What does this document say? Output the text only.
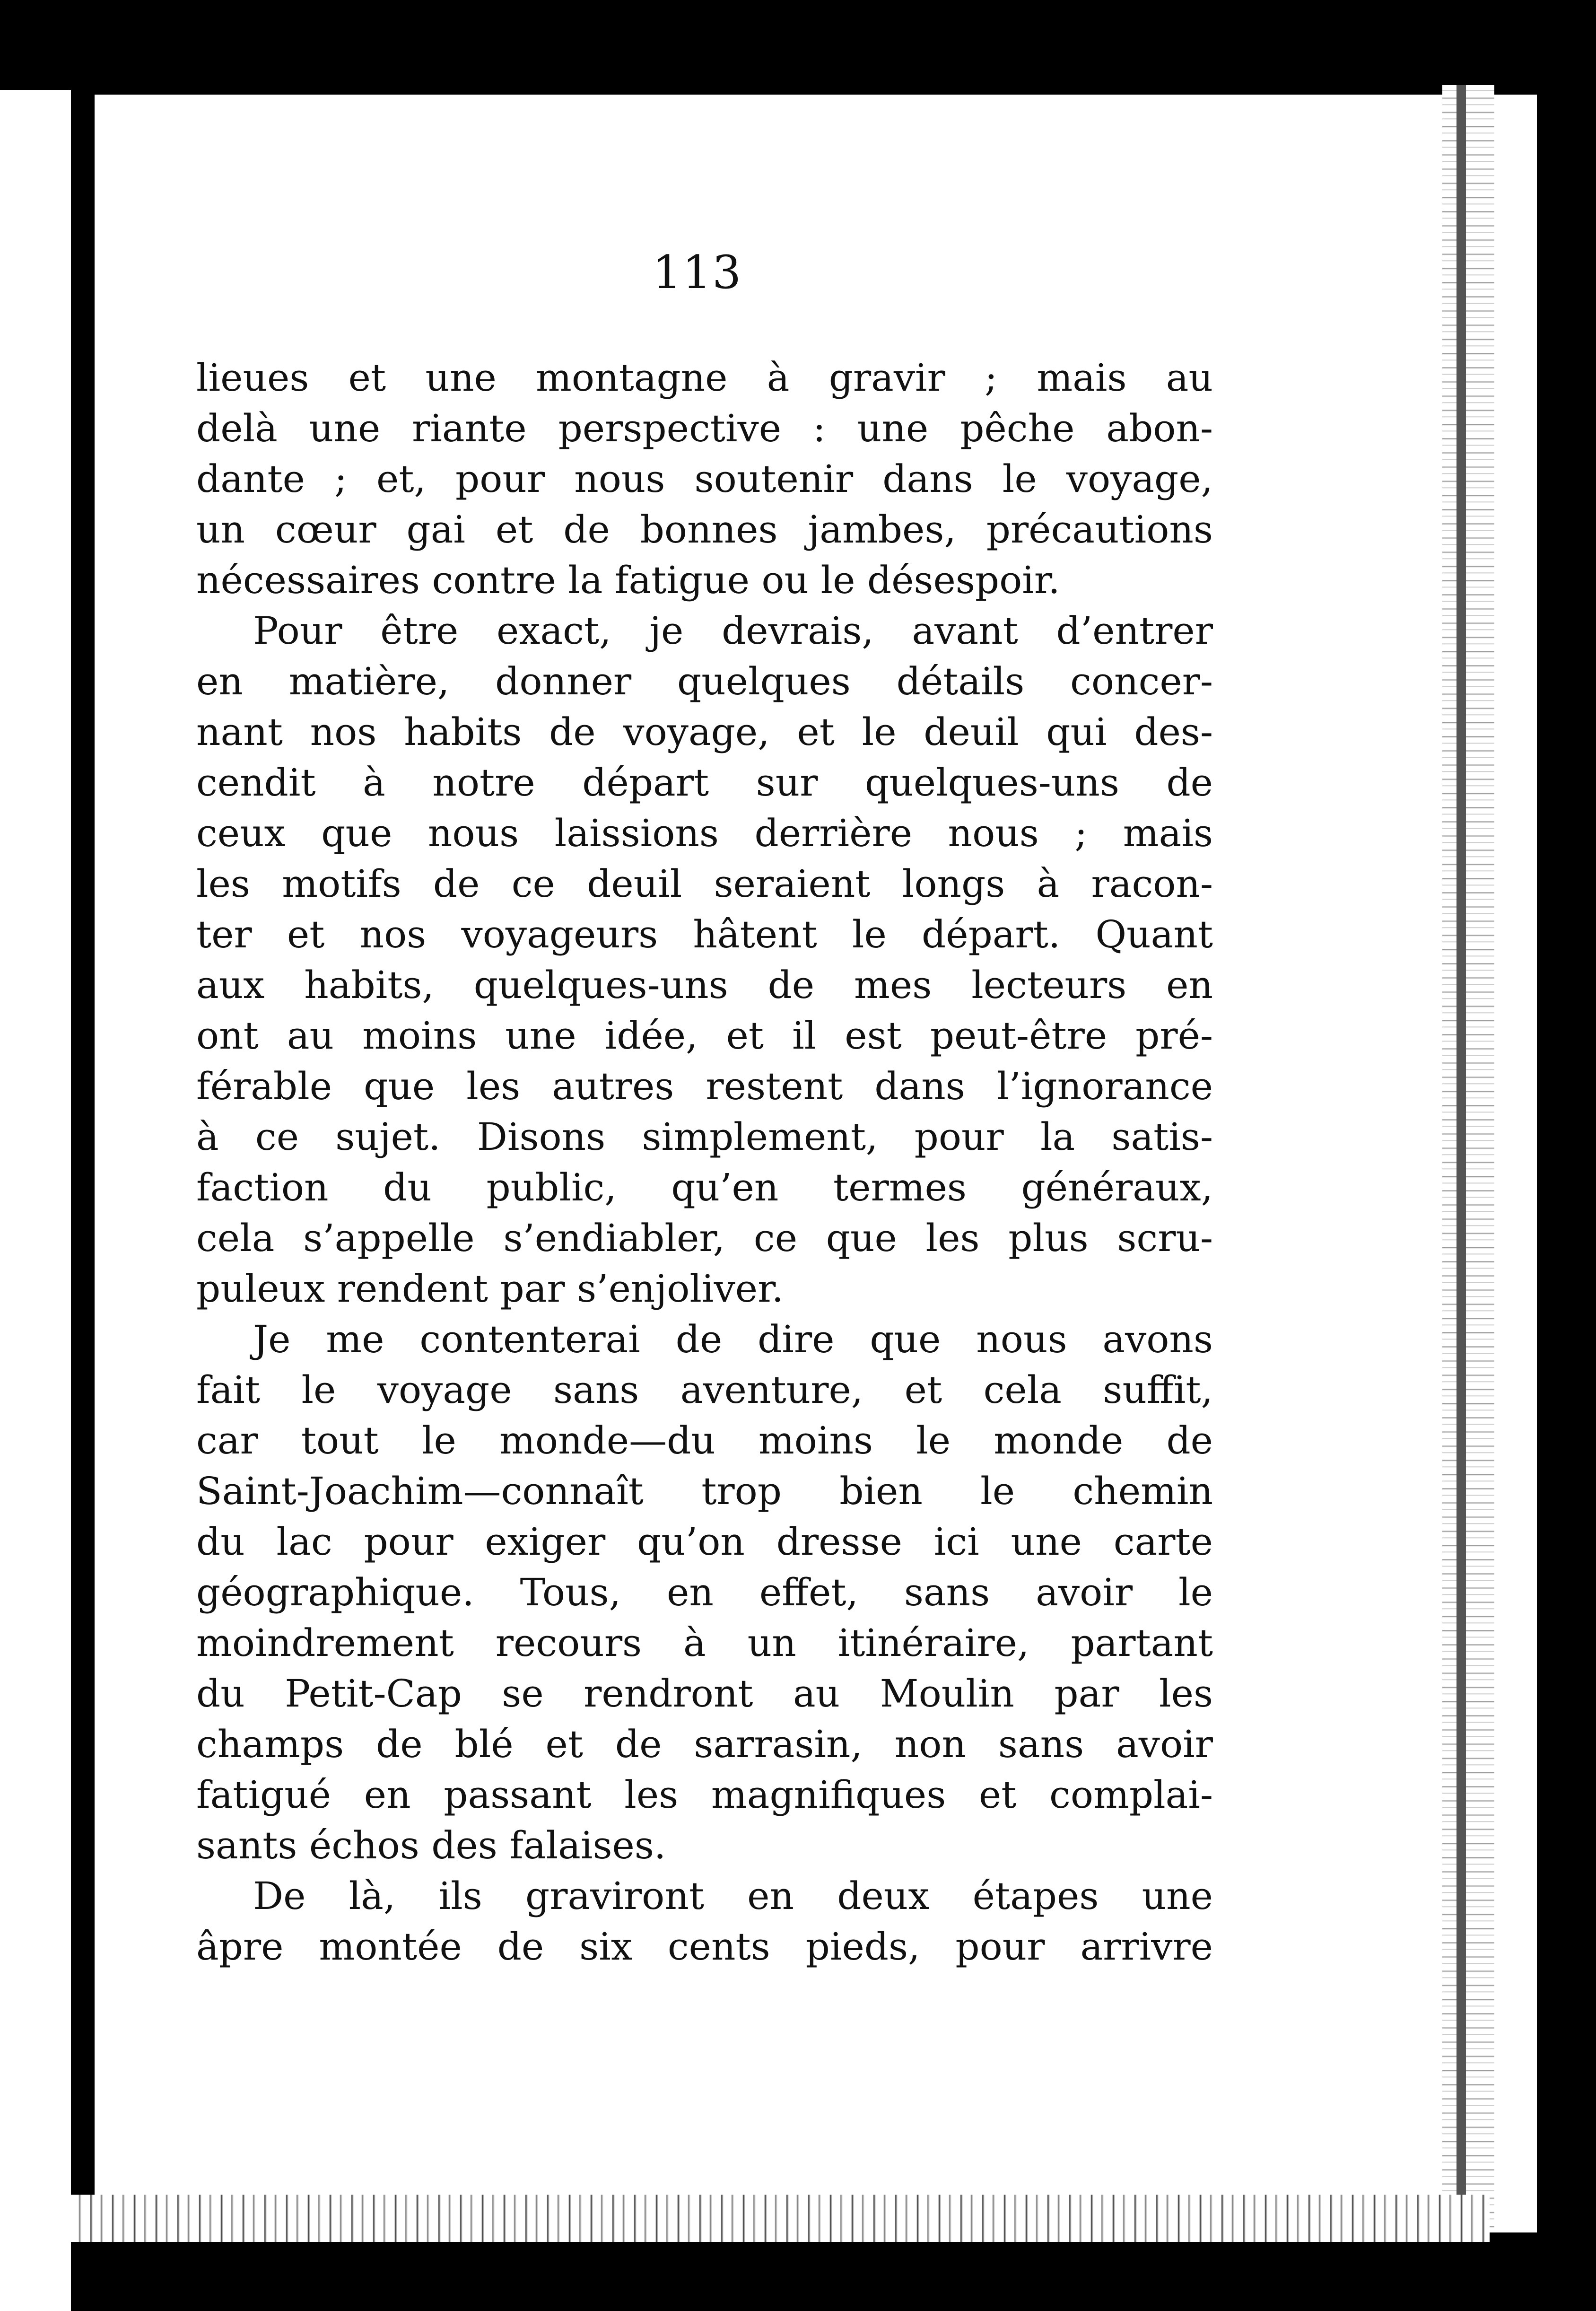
113
lieues et une montagne à gravir ; mais au
delà une riante perspective : une pêche abon-
dante ; et, pour nous soutenir dans le voyage,
un cœur gai et de bonnes jambes, précautions
nécessaires contre la fatigue ou le désespoir.
Pour être exact, je devrais, avant d’entrer
en matière, donner quelques détails concer-
nant nos habits de voyage, et le deuil qui des-
cendit à notre départ sur quelques-uns de
ceux que nous laissions derrière nous ; mais
les motifs de ce deuil seraient longs à racon-
ter et nos voyageurs hâtent le départ. Quant
aux habits, quelques-uns de mes lecteurs en
ont au moins une idée, et il est peut-être pré-
férable que les autres restent dans l’ignorance
à ce sujet. Disons simplement, pour la satis-
faction du public, qu’en termes généraux,
cela s’appelle s’endiabler, ce que les plus scru-
puleux rendent par s’enjoliver.
Je me contenterai de dire que nous avons
fait le voyage sans aventure, et cela suffit,
car tout le monde—du moins le monde de
Saint-Joachim—connaît trop bien le chemin
du lac pour exiger qu’on dresse ici une carte
géographique. Tous, en effet, sans avoir le
moindrement recours à un itinéraire, partant
du Petit-Cap se rendront au Moulin par les
champs de blé et de sarrasin, non sans avoir
fatigué en passant les magnifiques et complai-
sants échos des falaises.
De là, ils graviront en deux étapes une
âpre montée de six cents pieds, pour arrivre
